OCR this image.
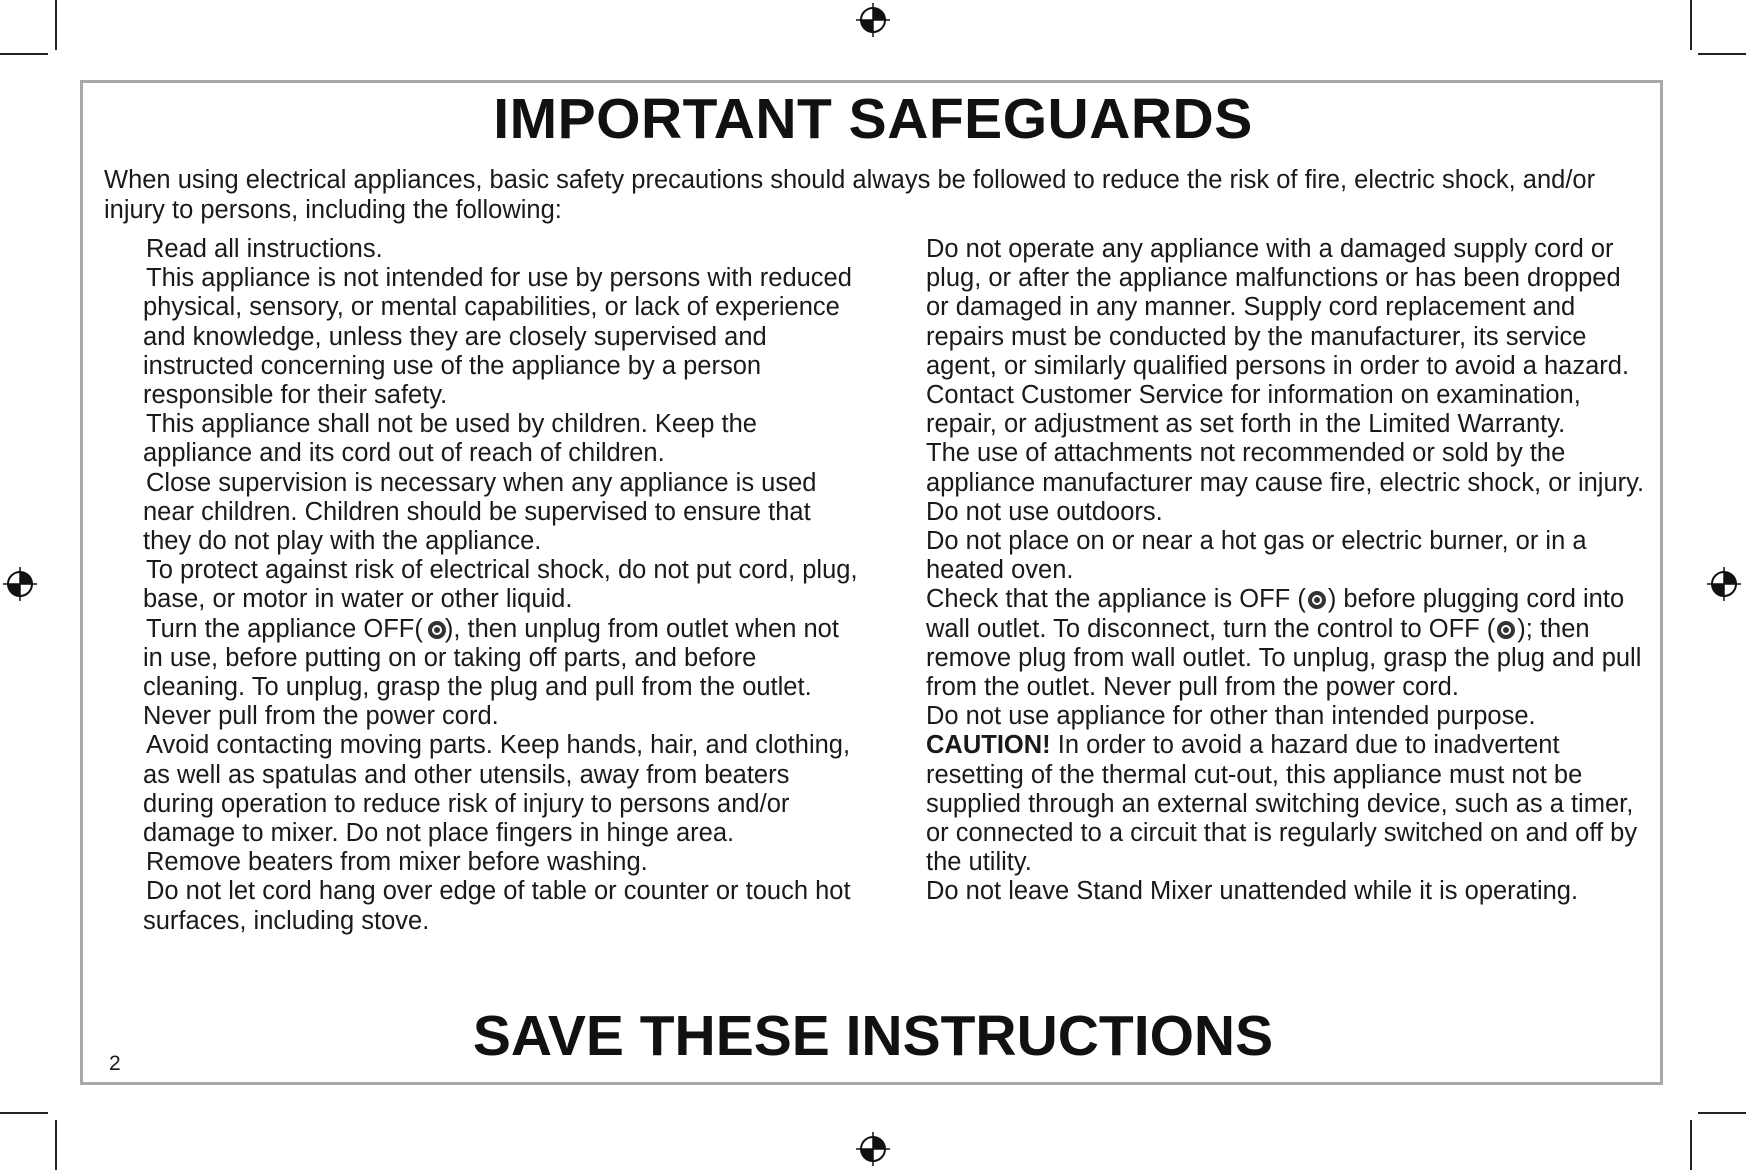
IMPORTANT SAFEGUARDS

When using electrical appliances, basic safety precautions should always be followed to reduce the risk of fire, electric shock, and/or injury to persons, including the following:

Read all instructions.

This appliance is not intended for use by persons with reduced physical, sensory, or mental capabilities, or lack of experience and knowledge, unless they are closely supervised and instructed concerning use of the appliance by a person responsible for their safety.

This appliance shall not be used by children. Keep the appliance and its cord out of reach of children.

Close supervision is necessary when any appliance is used near children. Children should be supervised to ensure that they do not play with the appliance.

To protect against risk of electrical shock, do not put cord, plug, base, or motor in water or other liquid.

Turn the appliance OFF( ), then unplug from outlet when not in use, before putting on or taking off parts, and before cleaning. To unplug, grasp the plug and pull from the outlet. Never pull from the power cord.

Avoid contacting moving parts. Keep hands, hair, and clothing, as well as spatulas and other utensils, away from beaters during operation to reduce risk of injury to persons and/or damage to mixer. Do not place fingers in hinge area.

Remove beaters from mixer before washing.

Do not let cord hang over edge of table or counter or touch hot surfaces, including stove.

Do not operate any appliance with a damaged supply cord or plug, or after the appliance malfunctions or has been dropped or damaged in any manner. Supply cord replacement and repairs must be conducted by the manufacturer, its service agent, or similarly qualified persons in order to avoid a hazard. Contact Customer Service for information on examination, repair, or adjustment as set forth in the Limited Warranty.

The use of attachments not recommended or sold by the appliance manufacturer may cause fire, electric shock, or injury.

Do not use outdoors.

Do not place on or near a hot gas or electric burner, or in a heated oven.

Check that the appliance is OFF ( ) before plugging cord into wall outlet. To disconnect, turn the control to OFF ( ); then remove plug from wall outlet. To unplug, grasp the plug and pull from the outlet. Never pull from the power cord.

Do not use appliance for other than intended purpose.

CAUTION! In order to avoid a hazard due to inadvertent resetting of the thermal cut-out, this appliance must not be supplied through an external switching device, such as a timer, or connected to a circuit that is regularly switched on and off by the utility.

Do not leave Stand Mixer unattended while it is operating.

SAVE THESE INSTRUCTIONS
2
